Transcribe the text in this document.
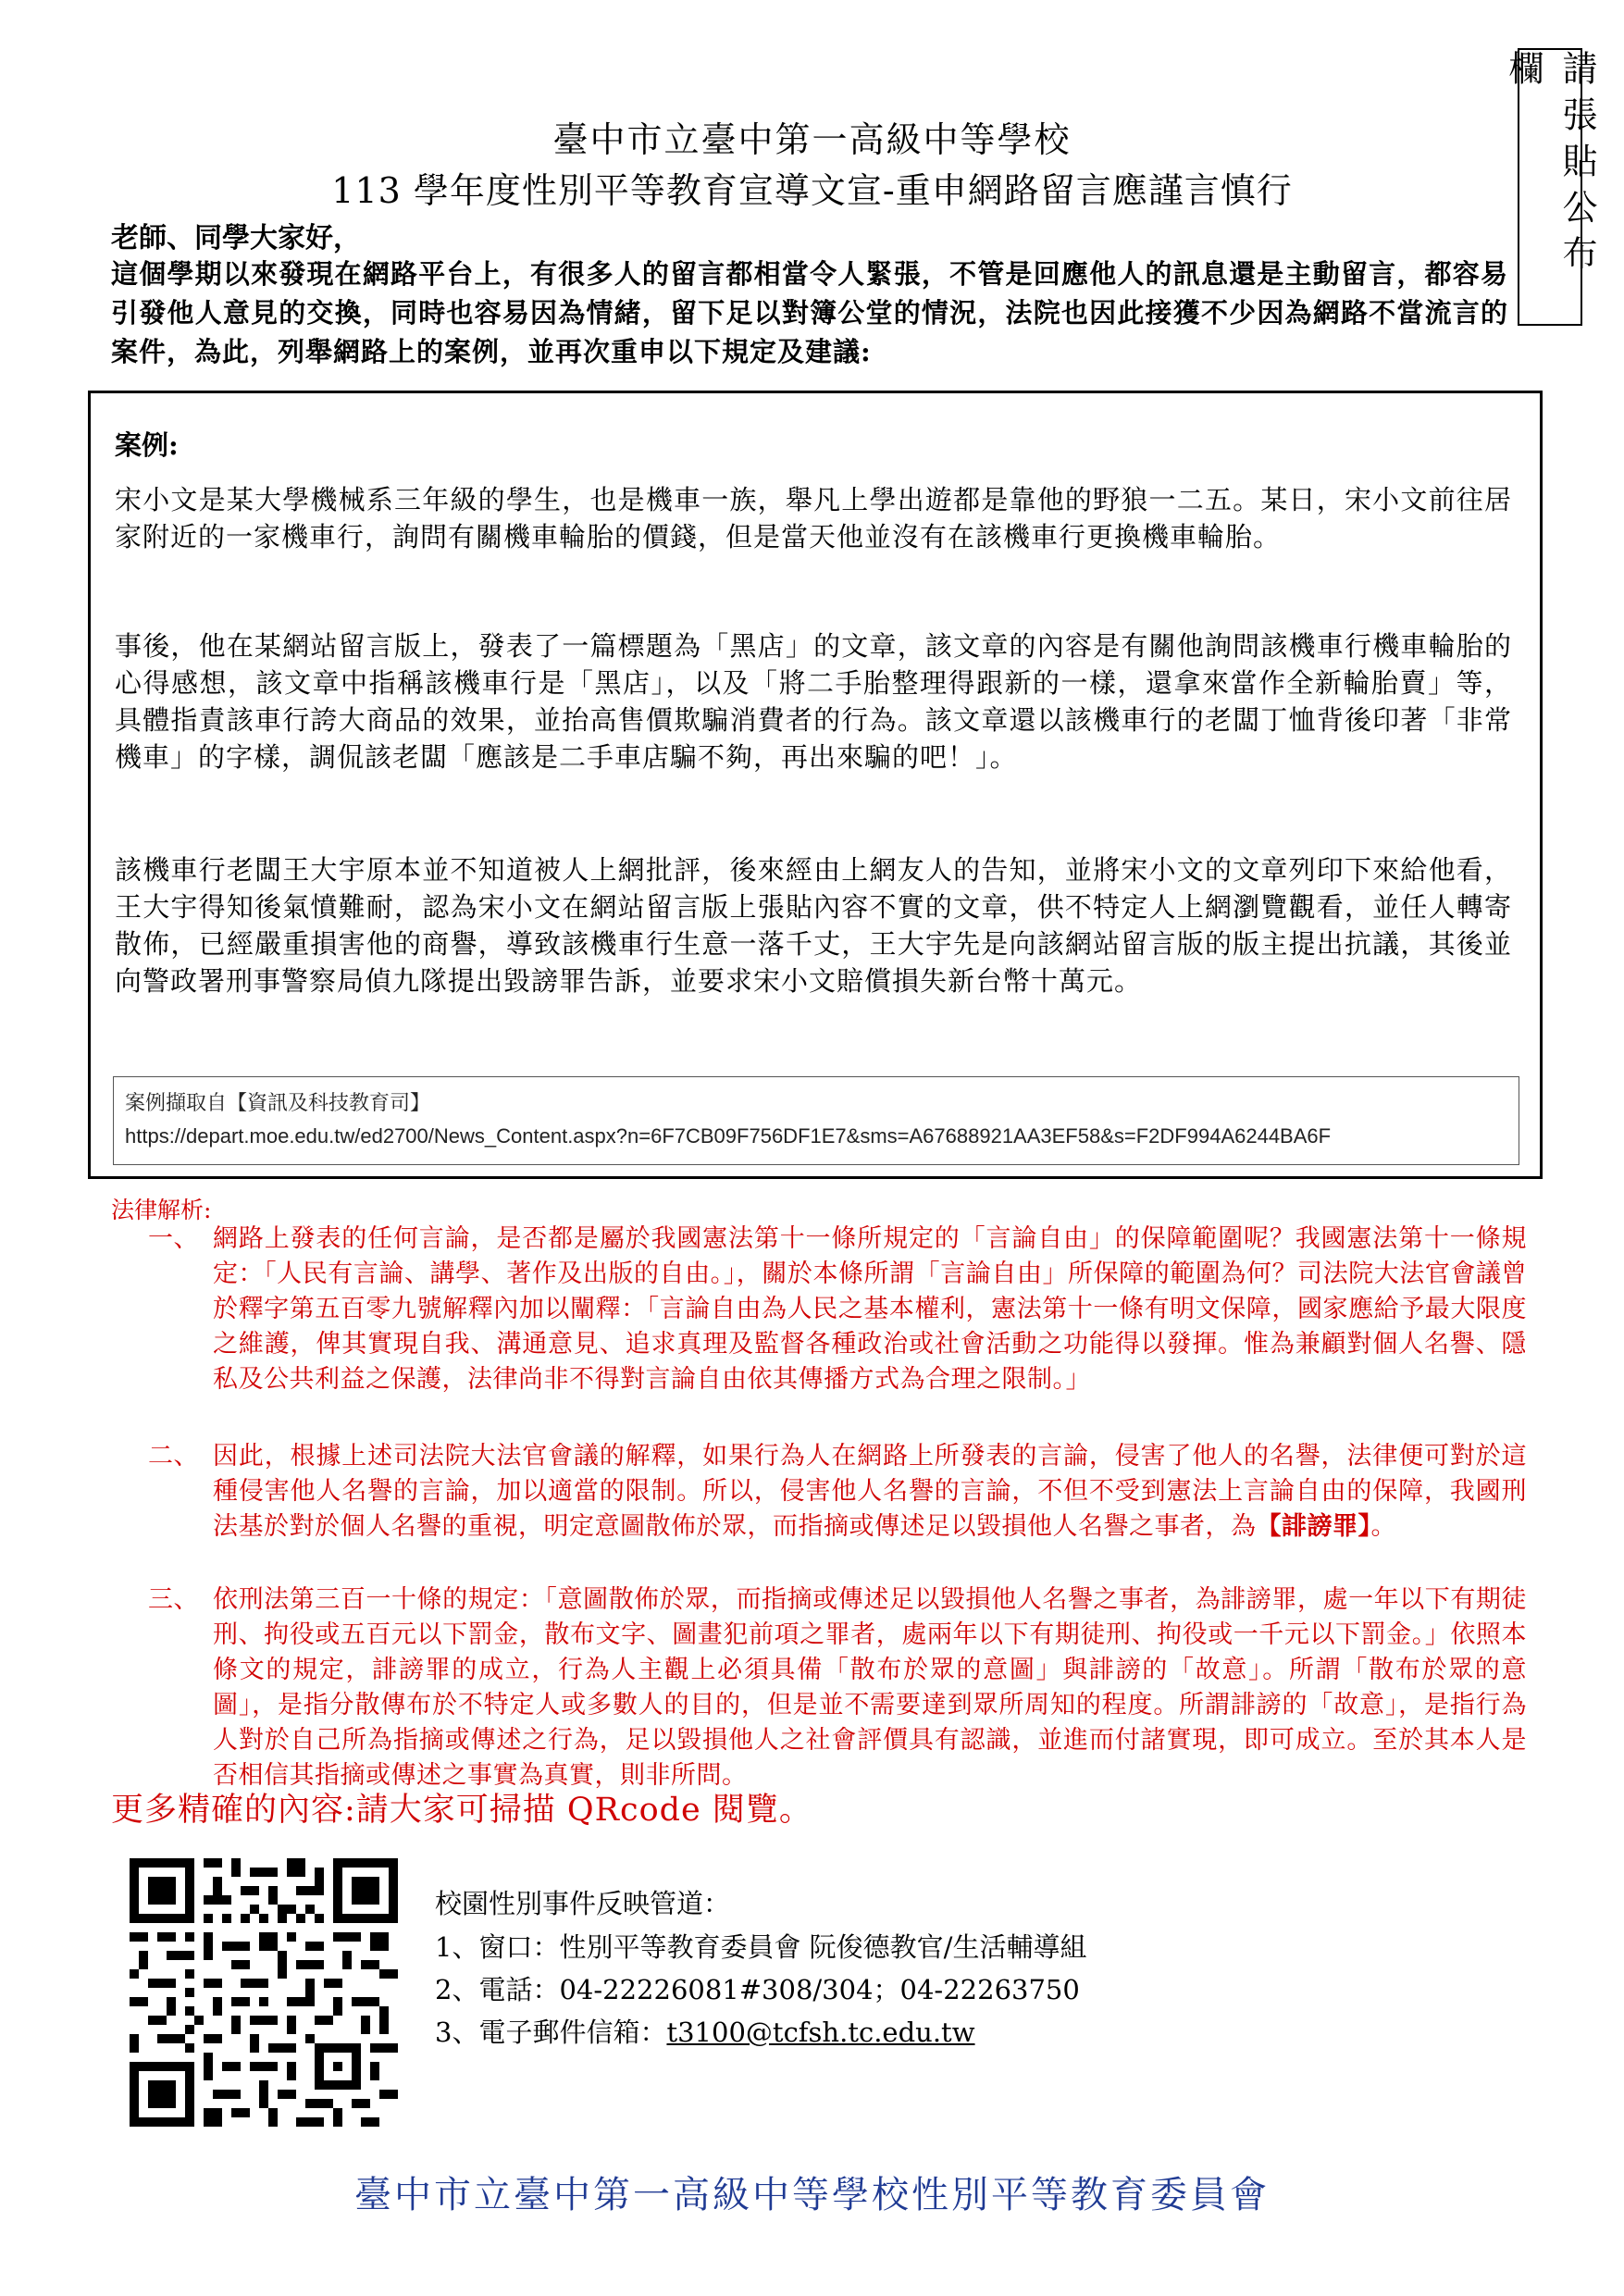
請張貼公布欄
臺中市立臺中第一高級中等學校
113 學年度性別平等教育宣導文宣-重申網路留言應謹言慎行
老師、同學大家好，
這個學期以來發現在網路平台上，有很多人的留言都相當令人緊張，不管是回應他人的訊息還是主動留言，都容易引發他人意見的交換，同時也容易因為情緒，留下足以對簿公堂的情況，法院也因此接獲不少因為網路不當流言的案件，為此，列舉網路上的案例，並再次重申以下規定及建議:
案例:
宋小文是某大學機械系三年級的學生，也是機車一族，舉凡上學出遊都是靠他的野狼一二五。某日，宋小文前往居家附近的一家機車行，詢問有關機車輪胎的價錢，但是當天他並沒有在該機車行更換機車輪胎。
事後，他在某網站留言版上，發表了一篇標題為「黑店」的文章，該文章的內容是有關他詢問該機車行機車輪胎的心得感想，該文章中指稱該機車行是「黑店」，以及「將二手胎整理得跟新的一樣，還拿來當作全新輪胎賣」等，具體指責該車行誇大商品的效果，並抬高售價欺騙消費者的行為。該文章還以該機車行的老闆丁恤背後印著「非常機車」的字樣，調侃該老闆「應該是二手車店騙不夠，再出來騙的吧！」。
該機車行老闆王大宇原本並不知道被人上網批評，後來經由上網友人的告知，並將宋小文的文章列印下來給他看，王大宇得知後氣憤難耐，認為宋小文在網站留言版上張貼內容不實的文章，供不特定人上網瀏覽觀看，並任人轉寄散佈，已經嚴重損害他的商譽，導致該機車行生意一落千丈，王大宇先是向該網站留言版的版主提出抗議，其後並向警政署刑事警察局偵九隊提出毀謗罪告訴，並要求宋小文賠償損失新台幣十萬元。
案例擷取自【資訊及科技教育司】
https://depart.moe.edu.tw/ed2700/News_Content.aspx?n=6F7CB09F756DF1E7&sms=A67688921AA3EF58&s=F2DF994A6244BA6F
法律解析:
一、 網路上發表的任何言論，是否都是屬於我國憲法第十一條所規定的「言論自由」的保障範圍呢？我國憲法第十一條規定：「人民有言論、講學、著作及出版的自由。」，關於本條所謂「言論自由」所保障的範圍為何？司法院大法官會議曾於釋字第五百零九號解釋內加以闡釋：「言論自由為人民之基本權利，憲法第十一條有明文保障，國家應給予最大限度之維護，俾其實現自我、溝通意見、追求真理及監督各種政治或社會活動之功能得以發揮。惟為兼顧對個人名譽、隱私及公共利益之保護，法律尚非不得對言論自由依其傳播方式為合理之限制。」
二、 因此，根據上述司法院大法官會議的解釋，如果行為人在網路上所發表的言論，侵害了他人的名譽，法律便可對於這種侵害他人名譽的言論，加以適當的限制。所以，侵害他人名譽的言論，不但不受到憲法上言論自由的保障，我國刑法基於對於個人名譽的重視，明定意圖散佈於眾，而指摘或傳述足以毀損他人名譽之事者，為【誹謗罪】。
三、 依刑法第三百一十條的規定：「意圖散佈於眾，而指摘或傳述足以毀損他人名譽之事者，為誹謗罪，處一年以下有期徒刑、拘役或五百元以下罰金，散布文字、圖畫犯前項之罪者，處兩年以下有期徒刑、拘役或一千元以下罰金。」依照本條文的規定，誹謗罪的成立，行為人主觀上必須具備「散布於眾的意圖」與誹謗的「故意」。所謂「散布於眾的意圖」，是指分散傳布於不特定人或多數人的目的，但是並不需要達到眾所周知的程度。所謂誹謗的「故意」，是指行為人對於自己所為指摘或傳述之行為，足以毀損他人之社會評價具有認識，並進而付諸實現，即可成立。至於其本人是否相信其指摘或傳述之事實為真實，則非所問。
更多精確的內容:請大家可掃描 QRcode 閱覽。
校園性別事件反映管道：
1、窗口：性別平等教育委員會 阮俊德教官/生活輔導組
2、電話：04-22226081#308/304；04-22263750
3、電子郵件信箱：t3100@tcfsh.tc.edu.tw
臺中市立臺中第一高級中等學校性別平等教育委員會
